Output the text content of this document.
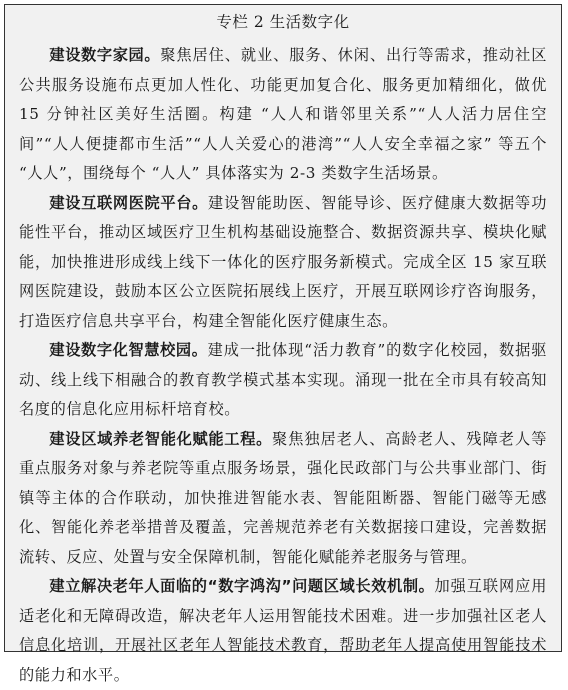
专栏 2 生活数字化

建设数字家园。聚焦居住、就业、服务、休闲、出行等需求，推动社区公共服务设施布点更加人性化、功能更加复合化、服务更加精细化，做优 15 分钟社区美好生活圈。构建 “人人和谐邻里关系”“人人活力居住空间”“人人便捷都市生活”“人人关爱心的港湾”“人人安全幸福之家” 等五个 “人人”，围绕每个 “人人” 具体落实为 2-3 类数字生活场景。

建设互联网医院平台。建设智能助医、智能导诊、医疗健康大数据等功能性平台，推动区域医疗卫生机构基础设施整合、数据资源共享、模块化赋能，加快推进形成线上线下一体化的医疗服务新模式。完成全区 15 家互联网医院建设，鼓励本区公立医院拓展线上医疗，开展互联网诊疗咨询服务，打造医疗信息共享平台，构建全智能化医疗健康生态。

建设数字化智慧校园。建成一批体现“活力教育”的数字化校园，数据驱动、线上线下相融合的教育教学模式基本实现。涌现一批在全市具有较高知名度的信息化应用标杆培育校。

建设区域养老智能化赋能工程。聚焦独居老人、高龄老人、残障老人等重点服务对象与养老院等重点服务场景，强化民政部门与公共事业部门、街镇等主体的合作联动，加快推进智能水表、智能阻断器、智能门磁等无感化、智能化养老举措普及覆盖，完善规范养老有关数据接口建设，完善数据流转、反应、处置与安全保障机制，智能化赋能养老服务与管理。

建立解决老年人面临的“数字鸿沟”问题区域长效机制。加强互联网应用适老化和无障碍改造，解决老年人运用智能技术困难。进一步加强社区老人信息化培训，开展社区老年人智能技术教育，帮助老年人提高使用智能技术的能力和水平。
